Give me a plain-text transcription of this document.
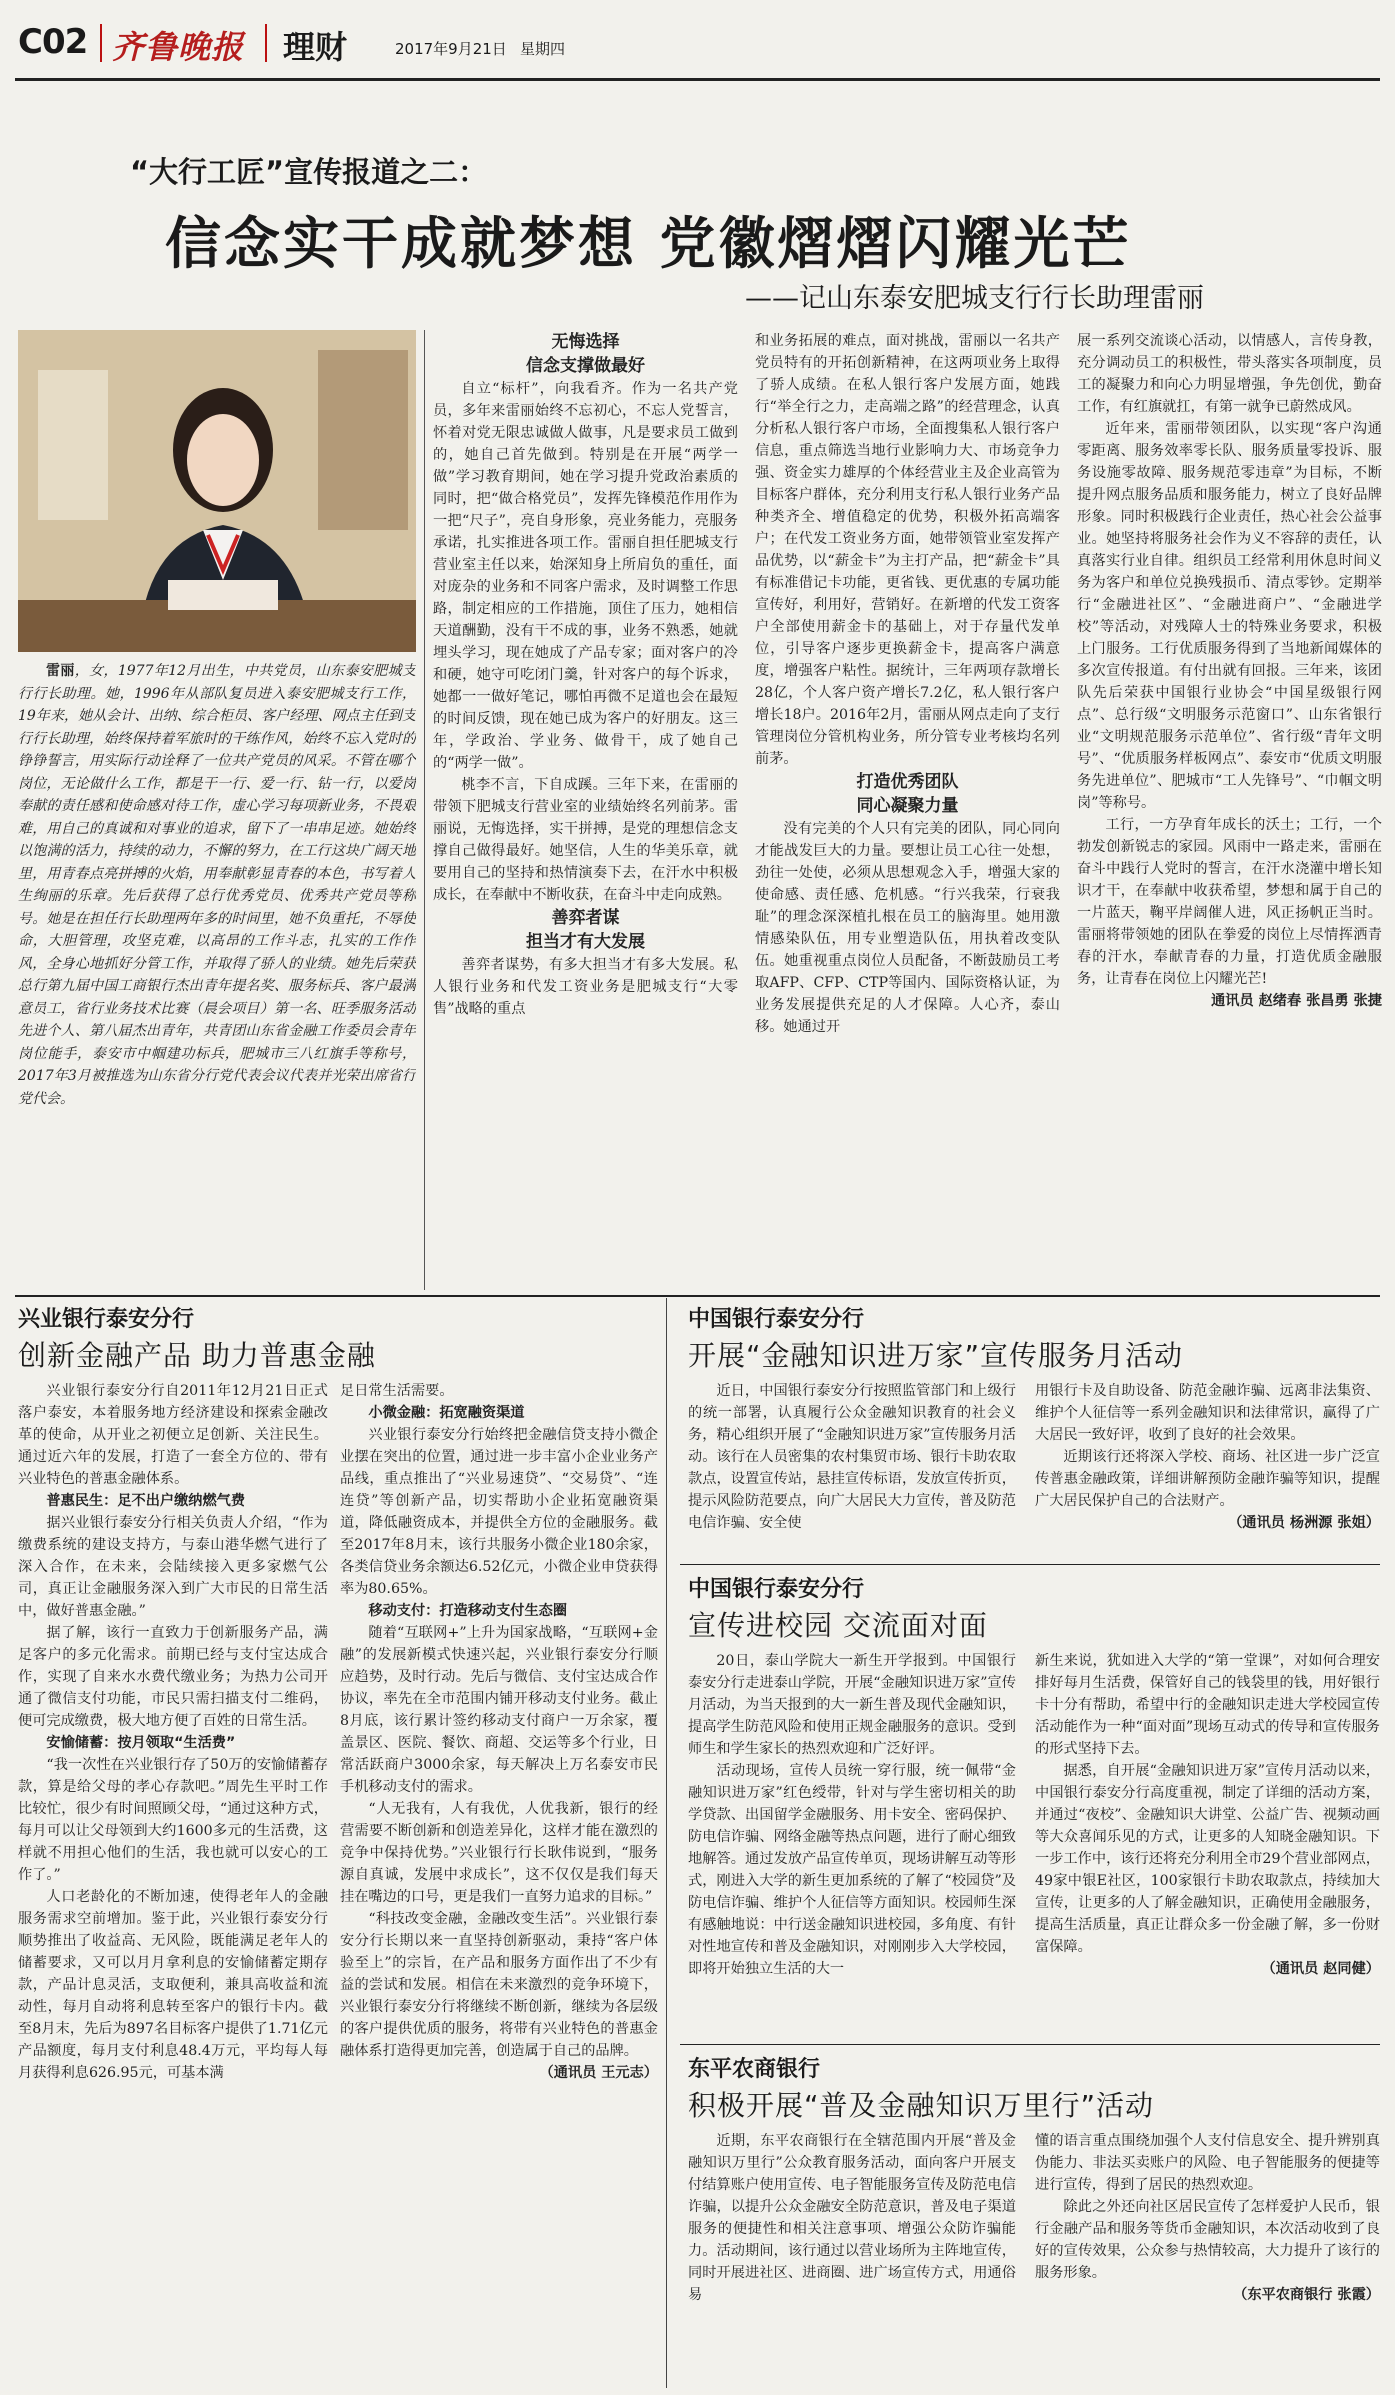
C02 齐鲁晚报 理财	2017年9月21日 星期四
“大行工匠”宣传报道之二：
信念实干成就梦想 党徽熠熠闪耀光芒
——记山东泰安肥城支行行长助理雷丽

雷丽，女，1977年12月出生，中共党员，山东泰安肥城支行行长助理。她，1996年从部队复员进入泰安肥城支行工作，19年来，她从会计、出纳、综合柜员、客户经理、网点主任到支行行长助理，始终保持着军旅时的干练作风，始终不忘入党时的铮铮誓言，用实际行动诠释了一位共产党员的风采。不管在哪个岗位，无论做什么工作，都是干一行、爱一行、钻一行，以爱岗奉献的责任感和使命感对待工作，虚心学习每项新业务，不畏艰难，用自己的真诚和对事业的追求，留下了一串串足迹。她始终以饱满的活力，持续的动力，不懈的努力，在工行这块广阔天地里，用青春点亮拼搏的火焰，用奉献彰显青春的本色，书写着人生绚丽的乐章。先后获得了总行优秀党员、优秀共产党员等称号。她是在担任行长助理两年多的时间里，她不负重托，不辱使命，大胆管理，攻坚克难，以高昂的工作斗志，扎实的工作作风，全身心地抓好分管工作，并取得了骄人的业绩。她先后荣获总行第九届中国工商银行杰出青年提名奖、服务标兵、客户最满意员工，省行业务技术比赛（晨会项目）第一名、旺季服务活动先进个人、第八届杰出青年，共青团山东省金融工作委员会青年岗位能手，泰安市中帼建功标兵，肥城市三八红旗手等称号，2017年3月被推选为山东省分行党代表会议代表并光荣出席省行党代会。

无悔选择

信念支撑做最好

自立“标杆”，向我看齐。作为一名共产党员，多年来雷丽始终不忘初心，不忘人党誓言，怀着对党无限忠诚做人做事，凡是要求员工做到的，她自己首先做到。特别是在开展“两学一做”学习教育期间，她在学习提升党政治素质的同时，把“做合格党员”，发挥先锋模范作用作为一把“尺子”，亮自身形象，亮业务能力，亮服务承诺，扎实推进各项工作。雷丽自担任肥城支行营业室主任以来，始深知身上所肩负的重任，面对庞杂的业务和不同客户需求，及时调整工作思路，制定相应的工作措施，顶住了压力，她相信天道酬勤，没有干不成的事，业务不熟悉，她就埋头学习，现在她成了产品专家；面对客户的冷和硬，她守可吃闭门羹，针对客户的每个诉求，她都一一做好笔记，哪怕再微不足道也会在最短的时间反馈，现在她已成为客户的好朋友。这三年，学政治、学业务、做骨干，成了她自己的“两学一做”。

桃李不言，下自成蹊。三年下来，在雷丽的带领下肥城支行营业室的业绩始终名列前茅。雷丽说，无悔选择，实干拼搏，是党的理想信念支撑自己做得最好。她坚信，人生的华美乐章，就要用自己的坚持和热情演奏下去，在汗水中积极成长，在奉献中不断收获，在奋斗中走向成熟。

善弈者谋

担当才有大发展

善弈者谋势，有多大担当才有多大发展。私人银行业务和代发工资业务是肥城支行“大零售”战略的重点

和业务拓展的难点，面对挑战，雷丽以一名共产党员特有的开拓创新精神，在这两项业务上取得了骄人成绩。在私人银行客户发展方面，她践行“举全行之力，走高端之路”的经营理念，认真分析私人银行客户市场，全面搜集私人银行客户信息，重点筛选当地行业影响力大、市场竞争力强、资金实力雄厚的个体经营业主及企业高管为目标客户群体，充分利用支行私人银行业务产品种类齐全、增值稳定的优势，积极外拓高端客户；在代发工资业务方面，她带领管业室发挥产品优势，以“薪金卡”为主打产品，把“薪金卡”具有标准借记卡功能，更省钱、更优惠的专属功能宣传好，利用好，营销好。在新增的代发工资客户全部使用薪金卡的基础上，对于存量代发单位，引导客户逐步更换薪金卡，提高客户满意度，增强客户粘性。据统计，三年两项存款增长28亿，个人客户资产增长7.2亿，私人银行客户增长18户。2016年2月，雷丽从网点走向了支行管理岗位分管机构业务，所分管专业考核均名列前茅。

打造优秀团队

同心凝聚力量

没有完美的个人只有完美的团队，同心同向才能战发巨大的力量。要想让员工心往一处想，劲往一处使，必须从思想观念入手，增强大家的使命感、责任感、危机感。“行兴我荣，行衰我耻”的理念深深植扎根在员工的脑海里。她用激情感染队伍，用专业塑造队伍，用执着改变队伍。她重视重点岗位人员配备，不断鼓励员工考取AFP、CFP、CTP等国内、国际资格认证，为业务发展提供充足的人才保障。人心齐，泰山移。她通过开

展一系列交流谈心活动，以情感人，言传身教，充分调动员工的积极性，带头落实各项制度，员工的凝聚力和向心力明显增强，争先创优，勤奋工作，有红旗就扛，有第一就争已蔚然成风。

近年来，雷丽带领团队，以实现“客户沟通零距离、服务效率零长队、服务质量零投诉、服务设施零故障、服务规范零违章”为目标，不断提升网点服务品质和服务能力，树立了良好品牌形象。同时积极践行企业责任，热心社会公益事业。她坚持将服务社会作为义不容辞的责任，认真落实行业自律。组织员工经常利用休息时间义务为客户和单位兑换残损币、清点零钞。定期举行“金融进社区”、“金融进商户”、“金融进学校”等活动，对残障人士的特殊业务要求，积极上门服务。工行优质服务得到了当地新闻媒体的多次宣传报道。有付出就有回报。三年来，该团队先后荣获中国银行业协会“中国星级银行网点”、总行级“文明服务示范窗口”、山东省银行业“文明规范服务示范单位”、省行级“青年文明号”、“优质服务样板网点”、泰安市“优质文明服务先进单位”、肥城市“工人先锋号”、“巾帼文明岗”等称号。

工行，一方孕育年成长的沃土；工行，一个勃发创新锐志的家园。风雨中一路走来，雷丽在奋斗中践行人党时的誓言，在汗水浇灌中增长知识才干，在奉献中收获希望，梦想和属于自己的一片蓝天，鞠平岸阔催人进，风正扬帆正当时。雷丽将带领她的团队在拳爱的岗位上尽情挥洒青春的汗水，奉献青春的力量，打造优质金融服务，让青春在岗位上闪耀光芒!

通讯员 赵绪春 张昌勇 张捷

兴业银行泰安分行
创新金融产品 助力普惠金融

兴业银行泰安分行自2011年12月21日正式落户泰安，本着服务地方经济建设和探索金融改革的使命，从开业之初便立足创新、关注民生。通过近六年的发展，打造了一套全方位的、带有兴业特色的普惠金融体系。

普惠民生：足不出户缴纳燃气费

据兴业银行泰安分行相关负责人介绍，“作为缴费系统的建设支持方，与泰山港华燃气进行了深入合作，在未来，会陆续接入更多家燃气公司，真正让金融服务深入到广大市民的日常生活中，做好普惠金融。”

据了解，该行一直致力于创新服务产品，满足客户的多元化需求。前期已经与支付宝达成合作，实现了自来水水费代缴业务；为热力公司开通了微信支付功能，市民只需扫描支付二维码，便可完成缴费，极大地方便了百姓的日常生活。

安愉储蓄：按月领取“生活费”

“我一次性在兴业银行存了50万的安愉储蓄存款，算是给父母的孝心存款吧。”周先生平时工作比较忙，很少有时间照顾父母，“通过这种方式，每月可以让父母领到大约1600多元的生活费，这样就不用担心他们的生活，我也就可以安心的工作了。”

人口老龄化的不断加速，使得老年人的金融服务需求空前增加。鉴于此，兴业银行泰安分行顺势推出了收益高、无风险，既能满足老年人的储蓄要求，又可以月月拿利息的安愉储蓄定期存款，产品计息灵活，支取便利，兼具高收益和流动性，每月自动将利息转至客户的银行卡内。截至8月末，先后为897名目标客户提供了1.71亿元产品额度，每月支付利息48.4万元，平均每人每月获得利息626.95元，可基本满

足日常生活需要。

小微金融：拓宽融资渠道

兴业银行泰安分行始终把金融信贷支持小微企业摆在突出的位置，通过进一步丰富小企业业务产品线，重点推出了“兴业易速贷”、“交易贷”、“连连贷”等创新产品，切实帮助小企业拓宽融资渠道，降低融资成本，并提供全方位的金融服务。截至2017年8月末，该行共服务小微企业180余家，各类信贷业务余额达6.52亿元，小微企业申贷获得率为80.65%。

移动支付：打造移动支付生态圈

随着“互联网+”上升为国家战略，“互联网+金融”的发展新模式快速兴起，兴业银行泰安分行顺应趋势，及时行动。先后与微信、支付宝达成合作协议，率先在全市范围内铺开移动支付业务。截止8月底，该行累计签约移动支付商户一万余家，覆盖景区、医院、餐饮、商超、交运等多个行业，日常活跃商户3000余家，每天解决上万名泰安市民手机移动支付的需求。

“人无我有，人有我优，人优我新，银行的经营需要不断创新和创造差异化，这样才能在激烈的竞争中保持优势。”兴业银行行长耿伟说到，“服务源自真诚，发展中求成长”，这不仅仅是我们每天挂在嘴边的口号，更是我们一直努力追求的目标。”

“科技改变金融，金融改变生活”。兴业银行泰安分行长期以来一直坚持创新驱动，秉持“客户体验至上”的宗旨，在产品和服务方面作出了不少有益的尝试和发展。相信在未来激烈的竞争环境下，兴业银行泰安分行将继续不断创新，继续为各层级的客户提供优质的服务，将带有兴业特色的普惠金融体系打造得更加完善，创造属于自己的品牌。

（通讯员 王元志）

中国银行泰安分行
开展“金融知识进万家”宣传服务月活动

近日，中国银行泰安分行按照监管部门和上级行的统一部署，认真履行公众金融知识教育的社会义务，精心组织开展了“金融知识进万家”宣传服务月活动。该行在人员密集的农村集贸市场、银行卡助农取款点，设置宣传站，悬挂宣传标语，发放宣传折页，提示风险防范要点，向广大居民大力宣传，普及防范电信诈骗、安全使

用银行卡及自助设备、防范金融诈骗、远离非法集资、维护个人征信等一系列金融知识和法律常识，赢得了广大居民一致好评，收到了良好的社会效果。

近期该行还将深入学校、商场、社区进一步广泛宣传普惠金融政策，详细讲解预防金融诈骗等知识，提醒广大居民保护自己的合法财产。

（通讯员 杨洲源 张姐）

中国银行泰安分行
宣传进校园 交流面对面

20日，泰山学院大一新生开学报到。中国银行泰安分行走进泰山学院，开展“金融知识进万家”宣传月活动，为当天报到的大一新生普及现代金融知识，提高学生防范风险和使用正规金融服务的意识。受到师生和学生家长的热烈欢迎和广泛好评。

活动现场，宣传人员统一穿行服，统一佩带“金融知识进万家”红色绶带，针对与学生密切相关的助学贷款、出国留学金融服务、用卡安全、密码保护、防电信诈骗、网络金融等热点问题，进行了耐心细致地解答。通过发放产品宣传单页，现场讲解互动等形式，刚进入大学的新生更加系统的了解了“校园贷”及防电信诈骗、维护个人征信等方面知识。校园师生深有感触地说：中行送金融知识进校园，多角度、有针对性地宣传和普及金融知识，对刚刚步入大学校园，即将开始独立生活的大一

新生来说，犹如进入大学的“第一堂课”，对如何合理安排好每月生活费，保管好自己的钱袋里的钱，用好银行卡十分有帮助，希望中行的金融知识走进大学校园宣传活动能作为一种“面对面”现场互动式的传导和宣传服务的形式坚持下去。

据悉，自开展“金融知识进万家”宣传月活动以来，中国银行泰安分行高度重视，制定了详细的活动方案，并通过“夜校”、金融知识大讲堂、公益广告、视频动画等大众喜闻乐见的方式，让更多的人知晓金融知识。下一步工作中，该行还将充分利用全市29个营业部网点，49家中银E社区，100家银行卡助农取款点，持续加大宣传，让更多的人了解金融知识，正确使用金融服务，提高生活质量，真正让群众多一份金融了解，多一份财富保障。

（通讯员 赵同健）

东平农商银行
积极开展“普及金融知识万里行”活动

近期，东平农商银行在全辖范围内开展“普及金融知识万里行”公众教育服务活动，面向客户开展支付结算账户使用宣传、电子智能服务宣传及防范电信诈骗，以提升公众金融安全防范意识，普及电子渠道服务的便捷性和相关注意事项、增强公众防诈骗能力。活动期间，该行通过以营业场所为主阵地宣传，同时开展进社区、进商圈、进广场宣传方式，用通俗易

懂的语言重点围绕加强个人支付信息安全、提升辨别真伪能力、非法买卖账户的风险、电子智能服务的便捷等进行宣传，得到了居民的热烈欢迎。

除此之外还向社区居民宣传了怎样爱护人民币，银行金融产品和服务等货币金融知识，本次活动收到了良好的宣传效果，公众参与热情较高，大力提升了该行的服务形象。

（东平农商银行 张霞）
